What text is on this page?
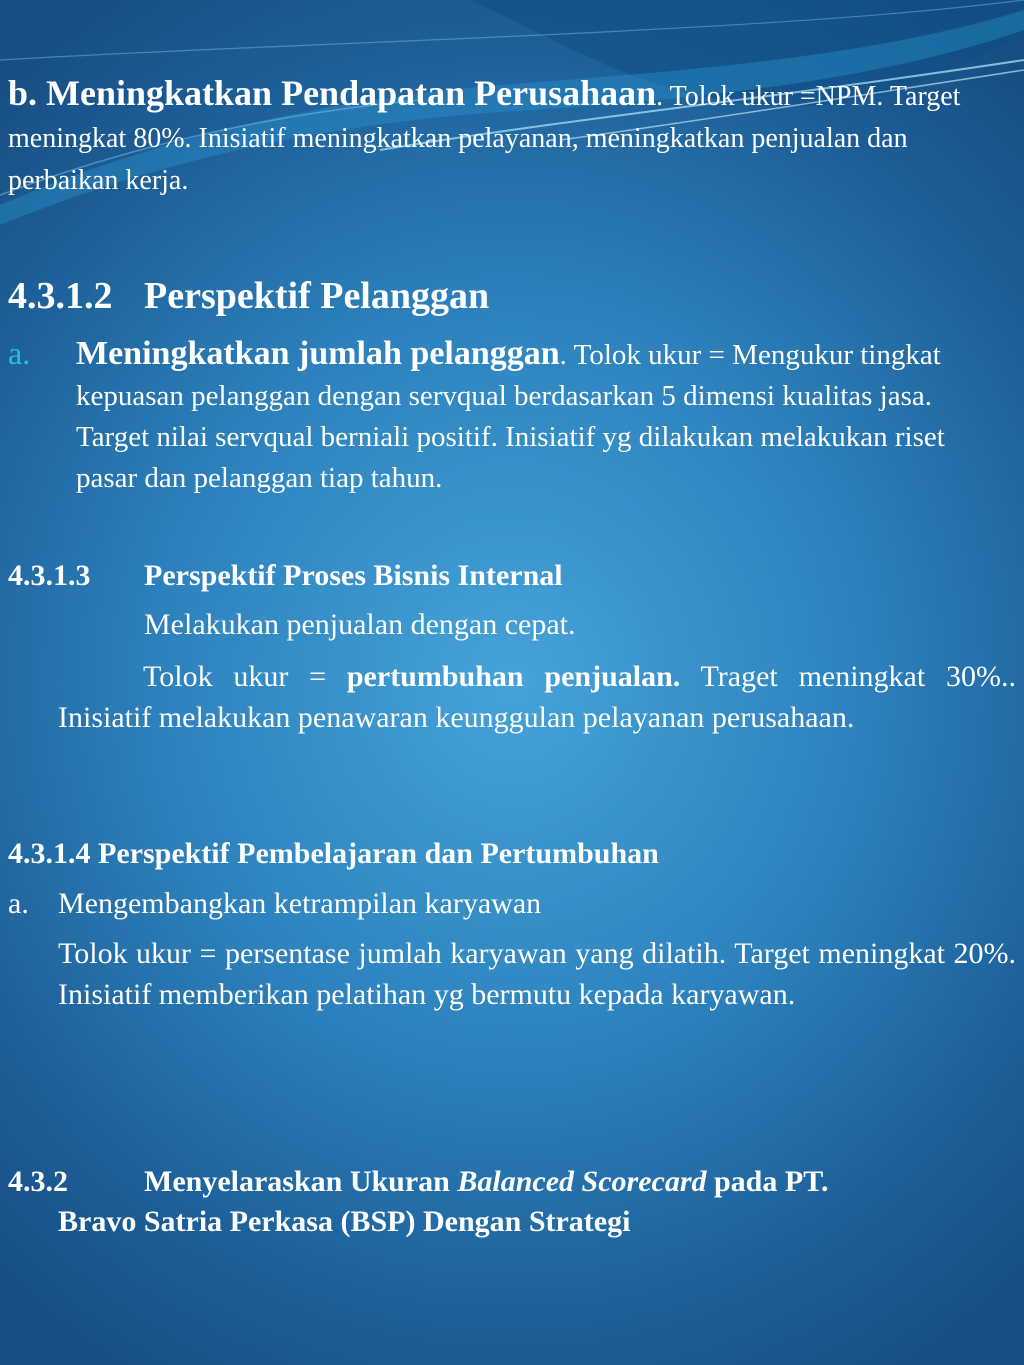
b. Meningkatkan Pendapatan Perusahaan. Tolok ukur =NPM. Target meningkat 80%. Inisiatif meningkatkan pelayanan, meningkatkan penjualan dan perbaikan kerja.

4.3.1.2 Perspektif Pelanggan

a. Meningkatkan jumlah pelanggan. Tolok ukur = Mengukur tingkat kepuasan pelanggan dengan servqual berdasarkan 5 dimensi kualitas jasa. Target nilai servqual berniali positif. Inisiatif yg dilakukan melakukan riset pasar dan pelanggan tiap tahun.

4.3.1.3 Perspektif Proses Bisnis Internal

Melakukan penjualan dengan cepat.

Tolok ukur = pertumbuhan penjualan. Traget meningkat 30%.. Inisiatif melakukan penawaran keunggulan pelayanan perusahaan.

4.3.1.4 Perspektif Pembelajaran dan Pertumbuhan

a. Mengembangkan ketrampilan karyawan

Tolok ukur = persentase jumlah karyawan yang dilatih. Target meningkat 20%. Inisiatif memberikan pelatihan yg bermutu kepada karyawan.

4.3.2	Menyelaraskan Ukuran Balanced Scorecard pada PT.
Bravo Satria Perkasa (BSP) Dengan Strategi
